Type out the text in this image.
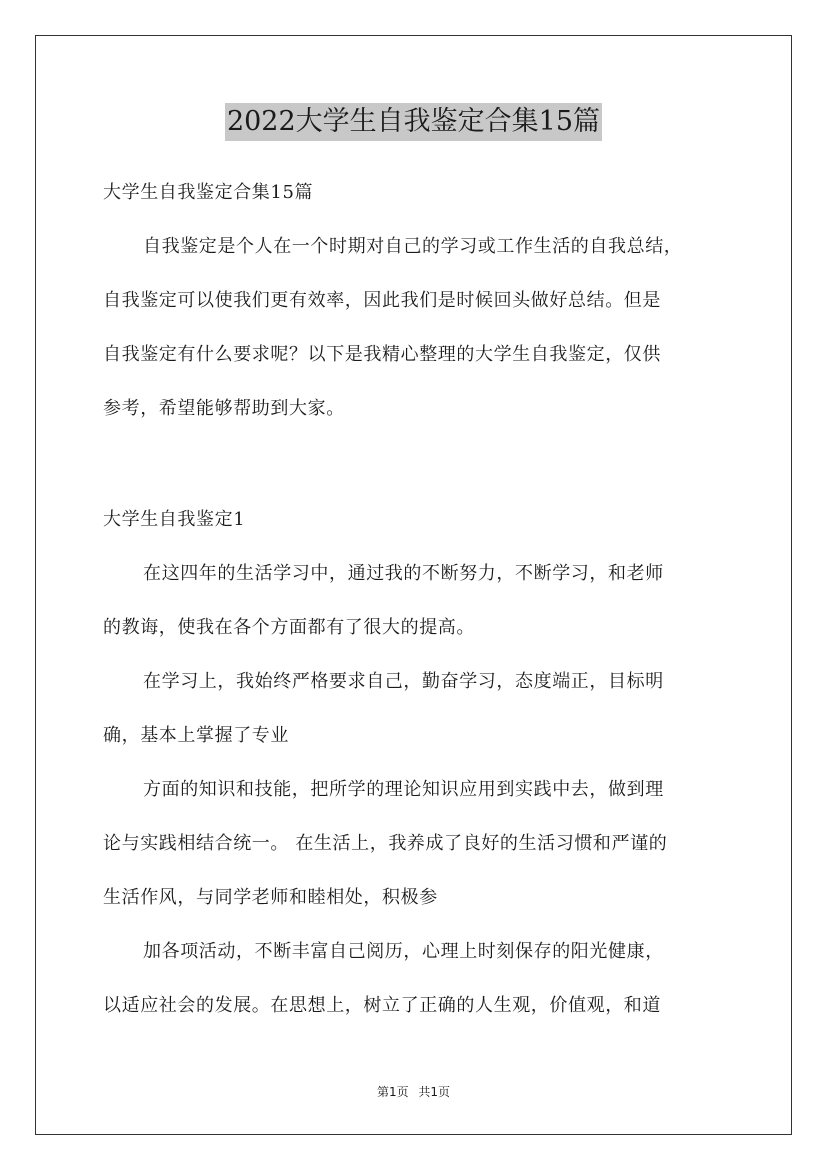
2022大学生自我鉴定合集15篇
大学生自我鉴定合集15篇
自我鉴定是个人在一个时期对自己的学习或工作生活的自我总结，
自我鉴定可以使我们更有效率，因此我们是时候回头做好总结。但是
自我鉴定有什么要求呢？以下是我精心整理的大学生自我鉴定，仅供
参考，希望能够帮助到大家。
大学生自我鉴定1
在这四年的生活学习中，通过我的不断努力，不断学习，和老师
的教诲，使我在各个方面都有了很大的提高。
在学习上，我始终严格要求自己，勤奋学习，态度端正，目标明
确，基本上掌握了专业
方面的知识和技能，把所学的理论知识应用到实践中去，做到理
论与实践相结合统一。 在生活上，我养成了良好的生活习惯和严谨的
生活作风，与同学老师和睦相处，积极参
加各项活动，不断丰富自己阅历，心理上时刻保存的阳光健康，
以适应社会的发展。在思想上，树立了正确的人生观，价值观，和道
第1页 共1页
